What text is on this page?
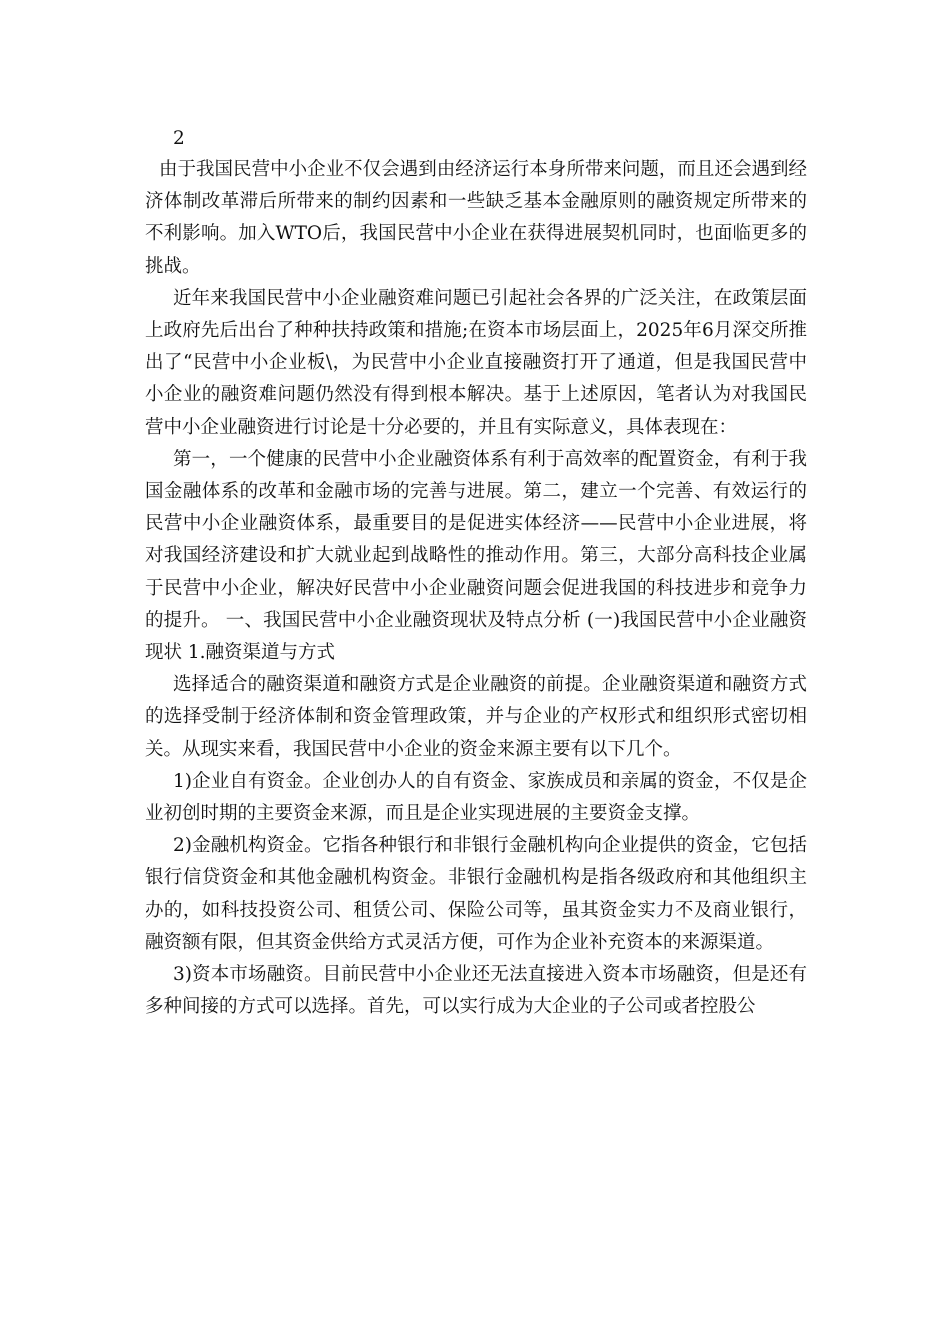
2

由于我国民营中小企业不仅会遇到由经济运行本身所带来问题，而且还会遇到经济体制改革滞后所带来的制约因素和一些缺乏基本金融原则的融资规定所带来的不利影响。加入WTO后，我国民营中小企业在获得进展契机同时，也面临更多的挑战。

近年来我国民营中小企业融资难问题已引起社会各界的广泛关注，在政策层面上政府先后出台了种种扶持政策和措施;在资本市场层面上，2025年6月深交所推出了“民营中小企业板\，为民营中小企业直接融资打开了通道，但是我国民营中小企业的融资难问题仍然没有得到根本解决。基于上述原因，笔者认为对我国民营中小企业融资进行讨论是十分必要的，并且有实际意义，具体表现在：

第一，一个健康的民营中小企业融资体系有利于高效率的配置资金，有利于我国金融体系的改革和金融市场的完善与进展。第二，建立一个完善、有效运行的民营中小企业融资体系，最重要目的是促进实体经济——民营中小企业进展，将对我国经济建设和扩大就业起到战略性的推动作用。第三，大部分高科技企业属于民营中小企业，解决好民营中小企业融资问题会促进我国的科技进步和竞争力的提升。 一、我国民营中小企业融资现状及特点分析 (一)我国民营中小企业融资现状 1.融资渠道与方式

选择适合的融资渠道和融资方式是企业融资的前提。企业融资渠道和融资方式的选择受制于经济体制和资金管理政策，并与企业的产权形式和组织形式密切相关。从现实来看，我国民营中小企业的资金来源主要有以下几个。

1)企业自有资金。企业创办人的自有资金、家族成员和亲属的资金，不仅是企业初创时期的主要资金来源，而且是企业实现进展的主要资金支撑。

2)金融机构资金。它指各种银行和非银行金融机构向企业提供的资金，它包括银行信贷资金和其他金融机构资金。非银行金融机构是指各级政府和其他组织主办的，如科技投资公司、租赁公司、保险公司等，虽其资金实力不及商业银行，融资额有限，但其资金供给方式灵活方便，可作为企业补充资本的来源渠道。

3)资本市场融资。目前民营中小企业还无法直接进入资本市场融资，但是还有多种间接的方式可以选择。首先，可以实行成为大企业的子公司或者控股公
